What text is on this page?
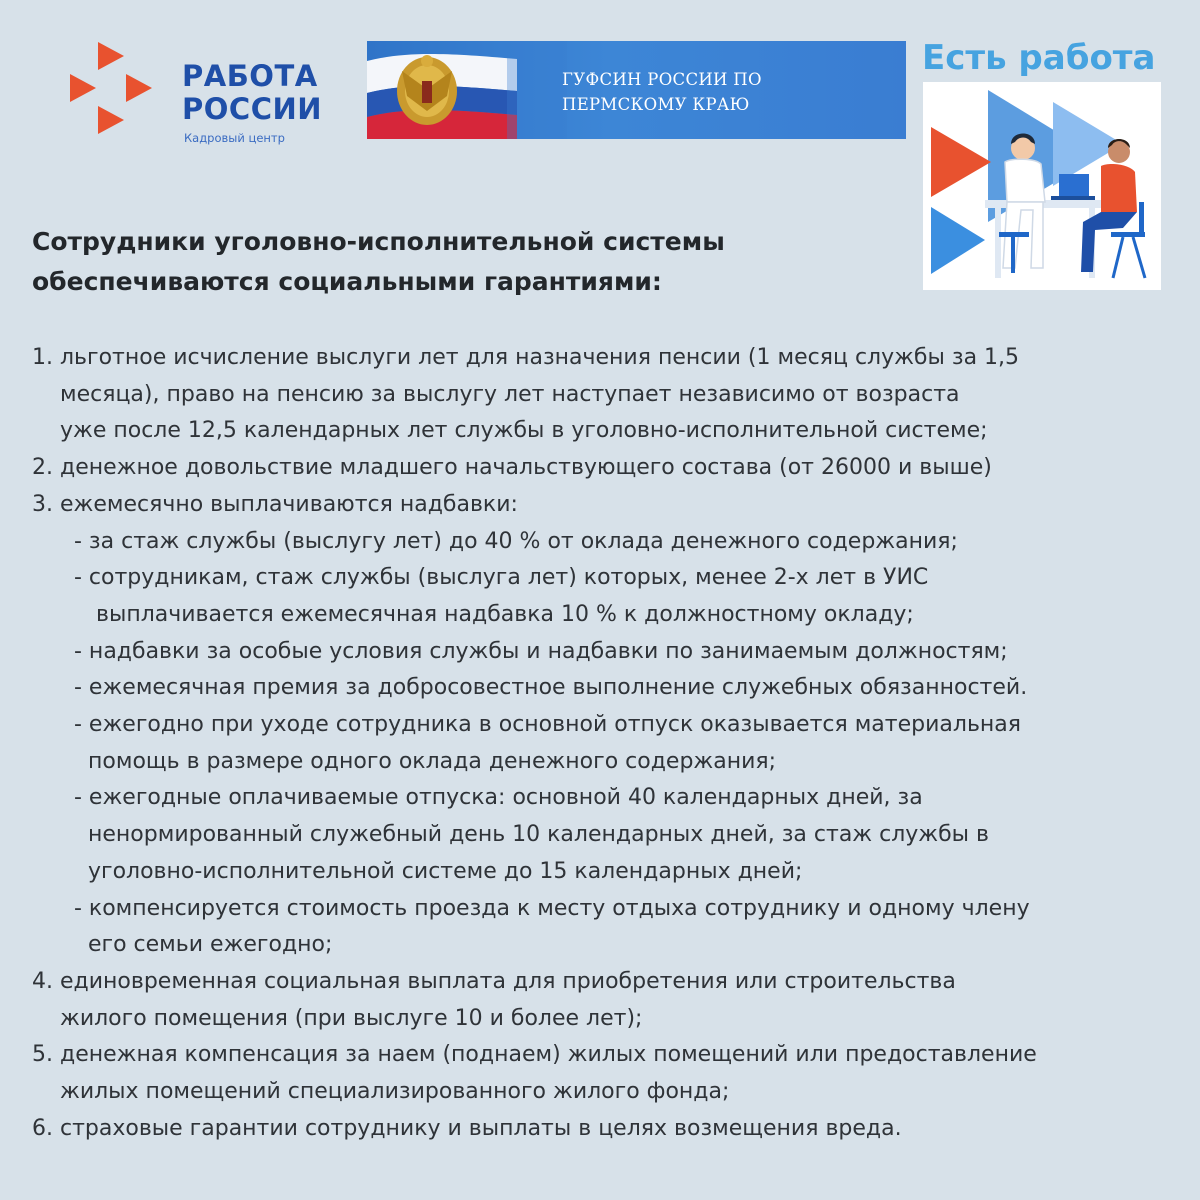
РАБОТА
РОССИИ
Кадровый центр
ГУФСИН РОССИИ ПО ПЕРМСКОМУ КРАЮ
Есть работа
Сотрудники уголовно-исполнительной системы
обеспечиваются социальными гарантиями:
1. льготное исчисление выслуги лет для назначения пенсии (1 месяц службы за 1,5
месяца), право на пенсию за выслугу лет наступает независимо от возраста
уже после 12,5 календарных лет службы в уголовно-исполнительной системе;
2. денежное довольствие младшего начальствующего состава (от 26000 и выше)
3. ежемесячно выплачиваются надбавки:
- за стаж службы (выслугу лет) до 40 % от оклада денежного содержания;
- сотрудникам, стаж службы (выслуга лет) которых, менее 2-х лет в УИС
выплачивается ежемесячная надбавка 10 % к должностному окладу;
- надбавки за особые условия службы и надбавки по занимаемым должностям;
- ежемесячная премия за добросовестное выполнение служебных обязанностей.
- ежегодно при уходе сотрудника в основной отпуск оказывается материальная
помощь в размере одного оклада денежного содержания;
- ежегодные оплачиваемые отпуска: основной 40 календарных дней, за
ненормированный служебный день 10 календарных дней, за стаж службы в
уголовно-исполнительной системе до 15 календарных дней;
- компенсируется стоимость проезда к месту отдыха сотруднику и одному члену
его семьи ежегодно;
4. единовременная социальная выплата для приобретения или строительства
жилого помещения (при выслуге 10 и более лет);
5. денежная компенсация за наем (поднаем) жилых помещений или предоставление
жилых помещений специализированного жилого фонда;
6. страховые гарантии сотруднику и выплаты в целях возмещения вреда.
